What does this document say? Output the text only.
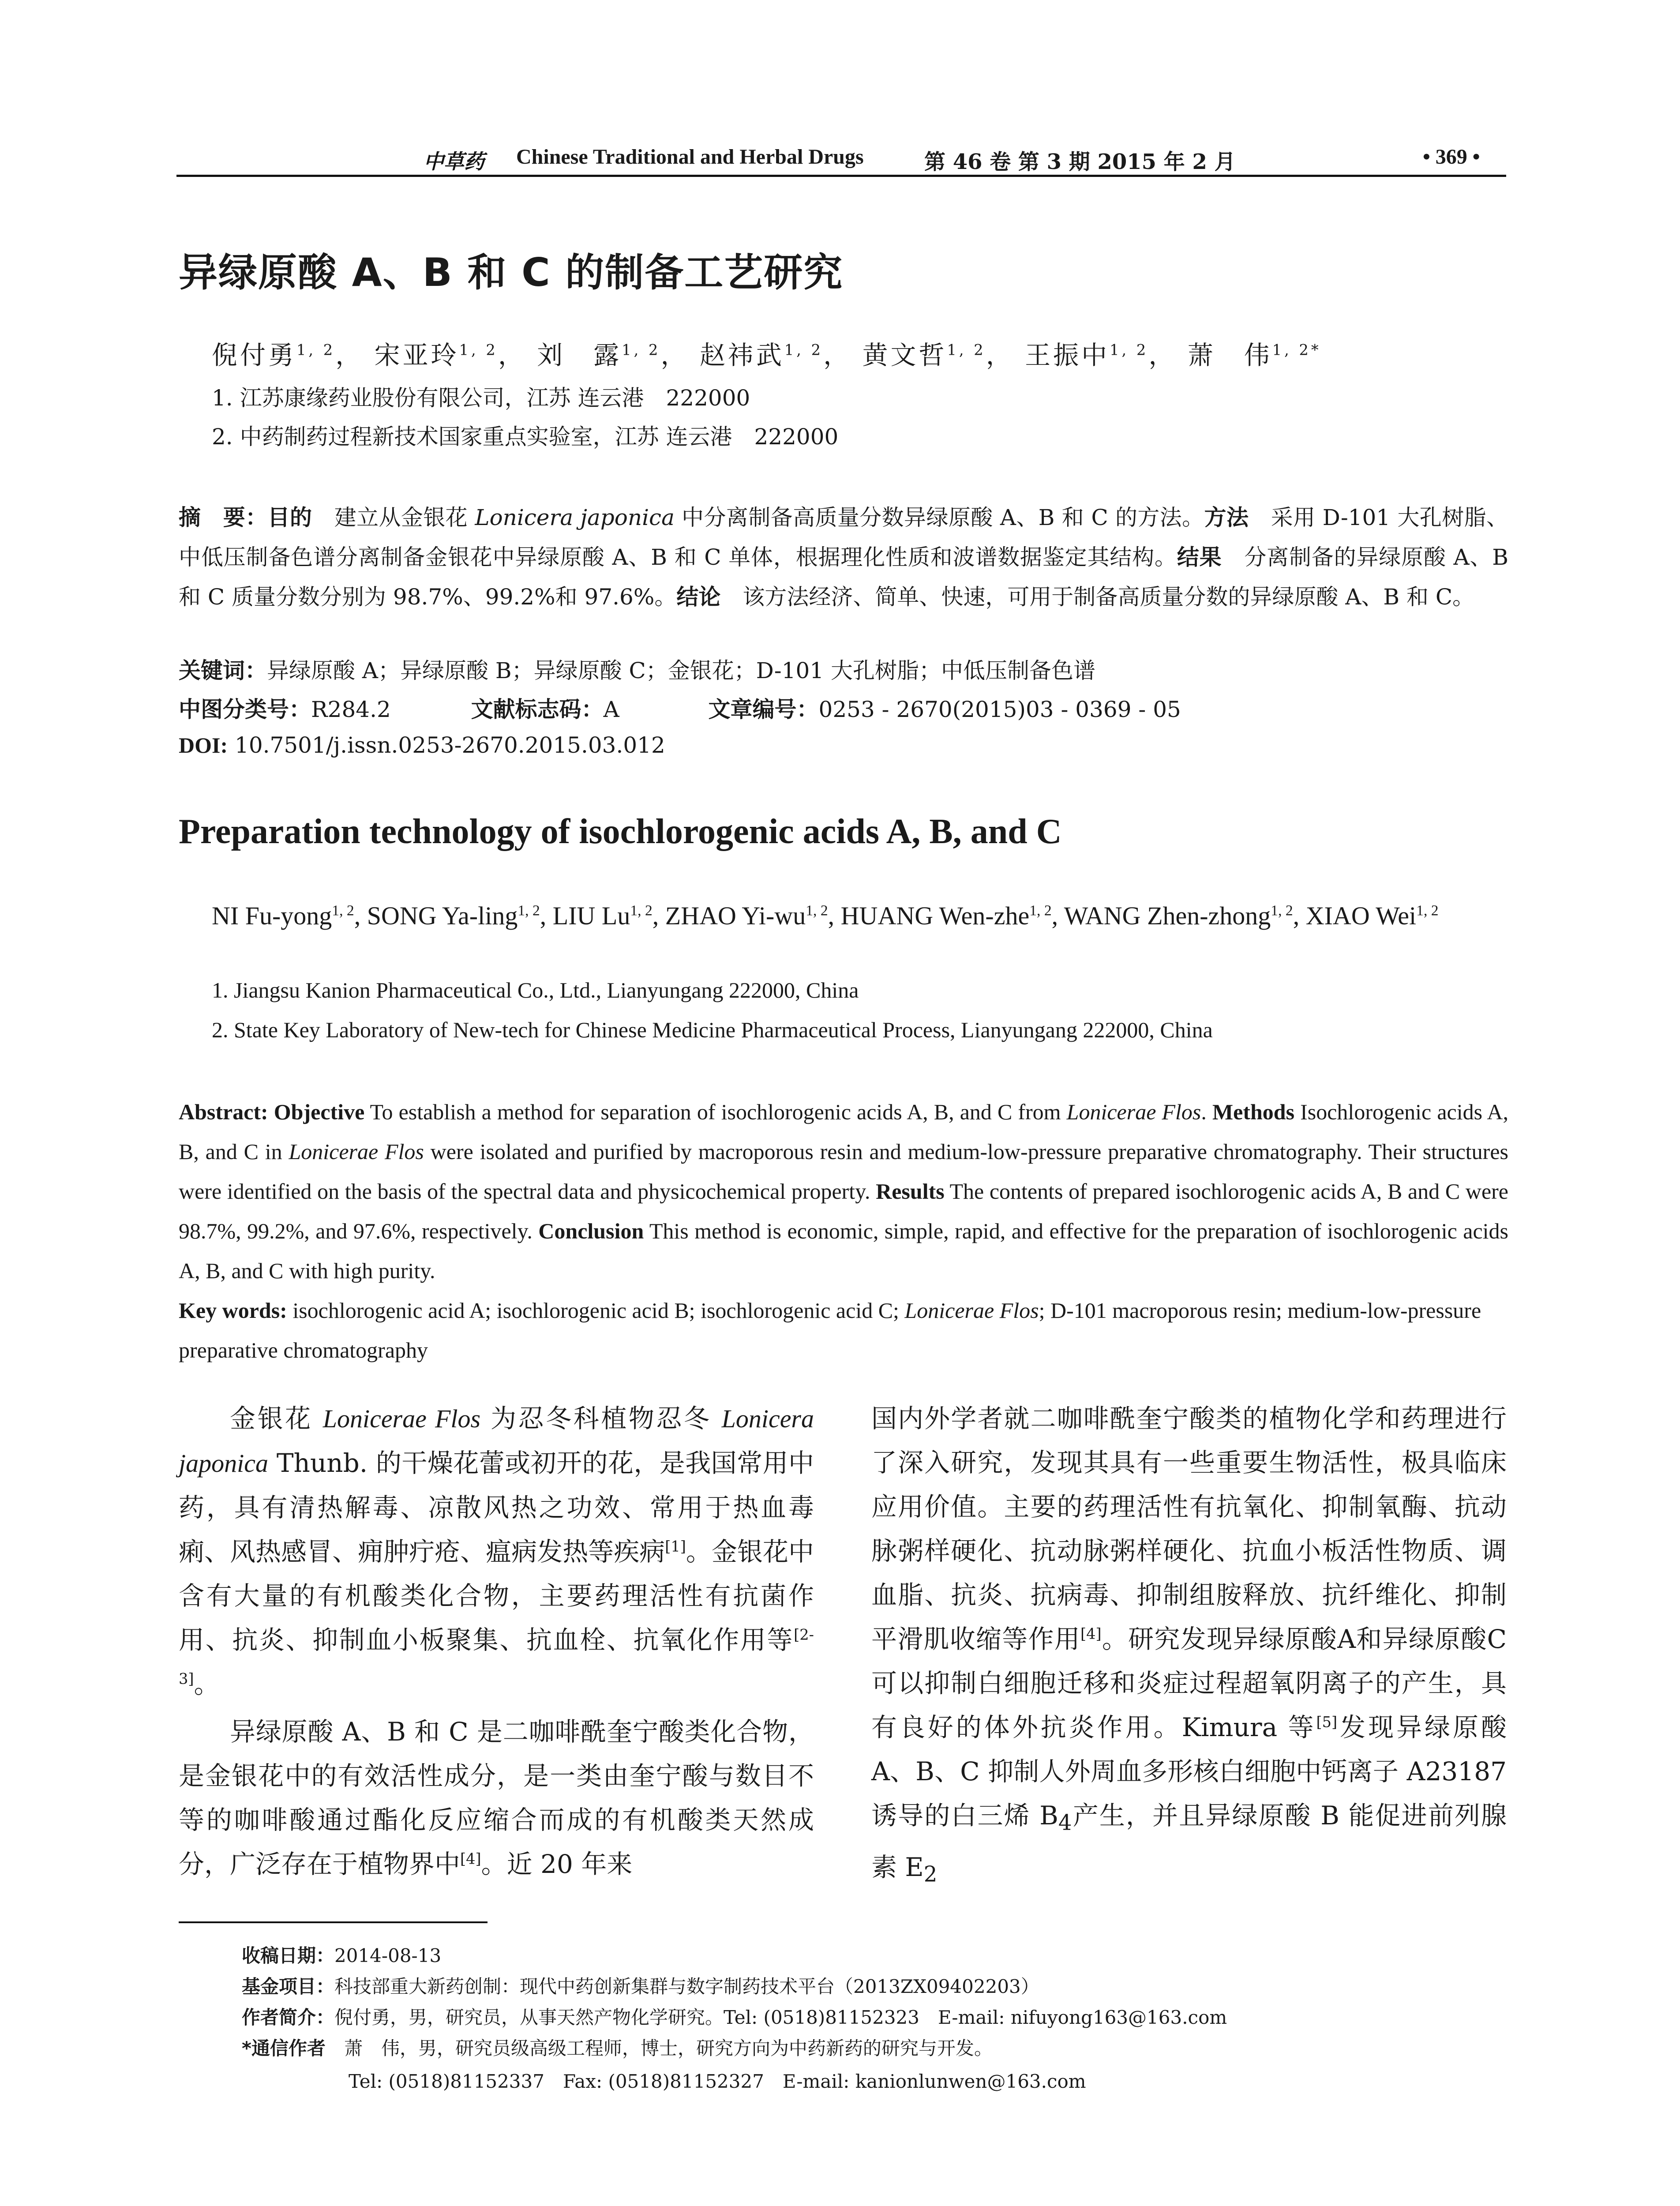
中草药 Chinese Traditional and Herbal Drugs	第 46 卷 第 3 期 2015 年 2 月	• 369 •
异绿原酸 A、B 和 C 的制备工艺研究
倪付勇$^{1, 2}$， 宋亚玲$^{1, 2}$， 刘　露$^{1, 2}$， 赵祎武$^{1, 2}$， 黄文哲$^{1, 2}$， 王振中$^{1, 2}$， 萧　伟$^{1, 2*}$
1. 江苏康缘药业股份有限公司，江苏 连云港　222000
2. 中药制药过程新技术国家重点实验室，江苏 连云港　222000
摘　要：目的　建立从金银花 Lonicera japonica 中分离制备高质量分数异绿原酸 A、B 和 C 的方法。方法　采用 D-101 大孔树脂、中低压制备色谱分离制备金银花中异绿原酸 A、B 和 C 单体，根据理化性质和波谱数据鉴定其结构。结果　分离制备的异绿原酸 A、B 和 C 质量分数分别为 98.7%、99.2%和 97.6%。结论　该方法经济、简单、快速，可用于制备高质量分数的异绿原酸 A、B 和 C。
关键词：异绿原酸 A；异绿原酸 B；异绿原酸 C；金银花；D-101 大孔树脂；中低压制备色谱
中图分类号：R284.2	文献标志码：A	文章编号：0253 - 2670(2015)03 - 0369 - 05
DOI: 10.7501/j.issn.0253-2670.2015.03.012
Preparation technology of isochlorogenic acids A, B, and C
NI Fu-yong$^{1, 2}$, SONG Ya-ling$^{1, 2}$, LIU Lu$^{1, 2}$, ZHAO Yi-wu$^{1, 2}$, HUANG Wen-zhe$^{1, 2}$, WANG Zhen-zhong$^{1, 2}$, XIAO Wei$^{1, 2}$
1. Jiangsu Kanion Pharmaceutical Co., Ltd., Lianyungang 222000, China
2. State Key Laboratory of New-tech for Chinese Medicine Pharmaceutical Process, Lianyungang 222000, China
Abstract: Objective To establish a method for separation of isochlorogenic acids A, B, and C from Lonicerae Flos. Methods Isochlorogenic acids A, B, and C in Lonicerae Flos were isolated and purified by macroporous resin and medium-low-pressure preparative chromatography. Their structures were identified on the basis of the spectral data and physicochemical property. Results The contents of prepared isochlorogenic acids A, B and C were 98.7%, 99.2%, and 97.6%, respectively. Conclusion This method is economic, simple, rapid, and effective for the preparation of isochlorogenic acids A, B, and C with high purity.
Key words: isochlorogenic acid A; isochlorogenic acid B; isochlorogenic acid C; Lonicerae Flos; D-101 macroporous resin; medium-low-pressure preparative chromatography
金银花 Lonicerae Flos 为忍冬科植物忍冬 Lonicera japonica Thunb. 的干燥花蕾或初开的花，是我国常用中药，具有清热解毒、凉散风热之功效、常用于热血毒痢、风热感冒、痈肿疔疮、瘟病发热等疾病[1]。金银花中含有大量的有机酸类化合物，主要药理活性有抗菌作用、抗炎、抑制血小板聚集、抗血栓、抗氧化作用等[2-3]。
异绿原酸 A、B 和 C 是二咖啡酰奎宁酸类化合物，是金银花中的有效活性成分，是一类由奎宁酸与数目不等的咖啡酸通过酯化反应缩合而成的有机酸类天然成分，广泛存在于植物界中[4]。近 20 年来
国内外学者就二咖啡酰奎宁酸类的植物化学和药理进行了深入研究，发现其具有一些重要生物活性，极具临床应用价值。主要的药理活性有抗氧化、抑制氧酶、抗动脉粥样硬化、抗动脉粥样硬化、抗血小板活性物质、调血脂、抗炎、抗病毒、抑制组胺释放、抗纤维化、抑制平滑肌收缩等作用[4]。研究发现异绿原酸A和异绿原酸C可以抑制白细胞迁移和炎症过程超氧阴离子的产生，具有良好的体外抗炎作用。Kimura 等[5]发现异绿原酸 A、B、C 抑制人外周血多形核白细胞中钙离子 A23187 诱导的白三烯 $B_4$产生，并且异绿原酸 B 能促进前列腺素 $E_2$
收稿日期：2014-08-13
基金项目：科技部重大新药创制：现代中药创新集群与数字制药技术平台（2013ZX09402203）
作者简介：倪付勇，男，研究员，从事天然产物化学研究。Tel: (0518)81152323　E-mail: nifuyong163@163.com
*通信作者　萧　伟，男，研究员级高级工程师，博士，研究方向为中药新药的研究与开发。
Tel: (0518)81152337　Fax: (0518)81152327　E-mail: kanionlunwen@163.com
